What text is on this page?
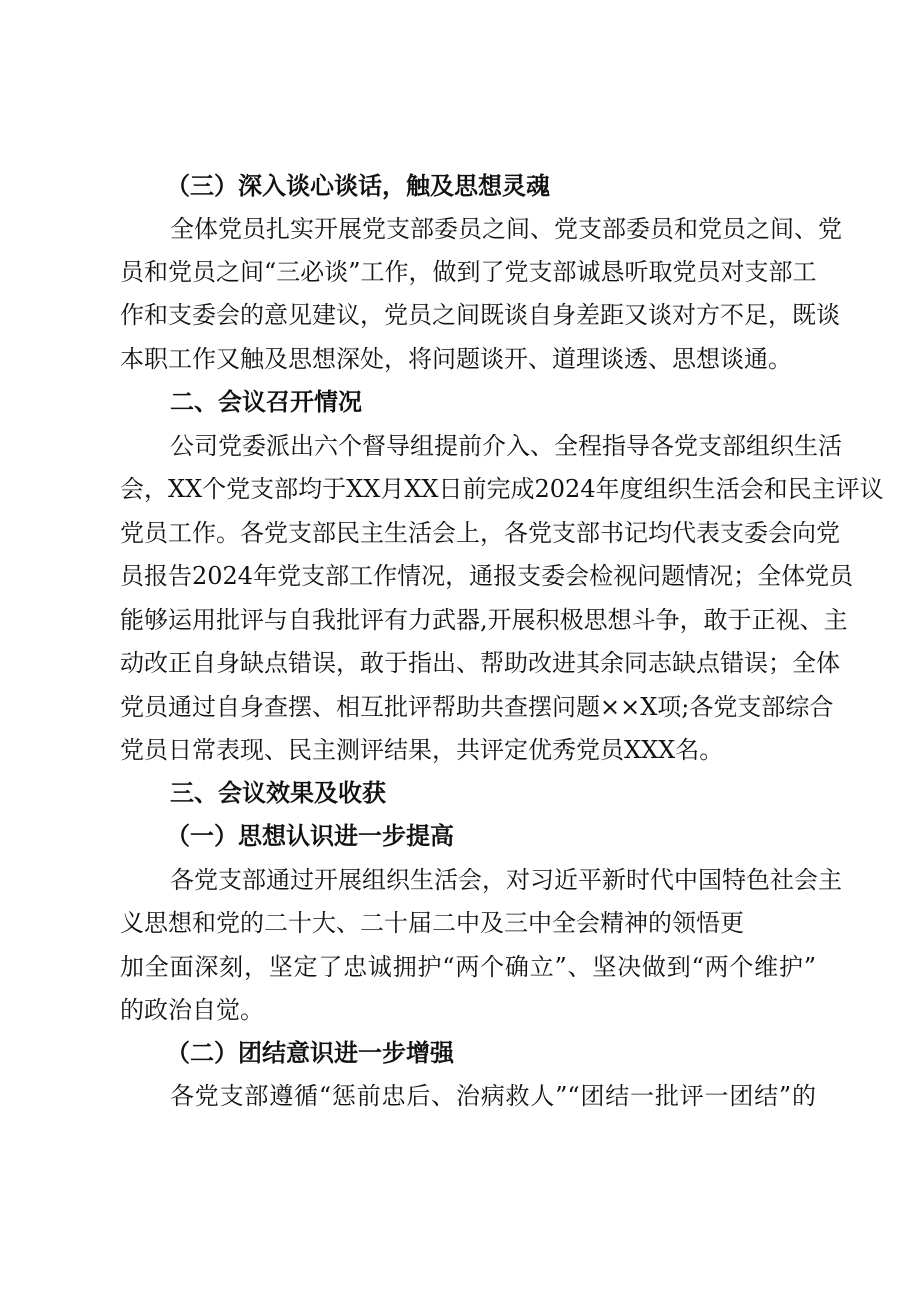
（三）深入谈心谈话，触及思想灵魂
全体党员扎实开展党支部委员之间、党支部委员和党员之间、党
员和党员之间“三必谈”工作，做到了党支部诚恳听取党员对支部工
作和支委会的意见建议，党员之间既谈自身差距又谈对方不足，既谈
本职工作又触及思想深处，将问题谈开、道理谈透、思想谈通。
二、会议召开情况
公司党委派出六个督导组提前介入、全程指导各党支部组织生活
会，XX个党支部均于XX月XX日前完成2024年度组织生活会和民主评议
党员工作。各党支部民主生活会上，各党支部书记均代表支委会向党
员报告2024年党支部工作情况，通报支委会检视问题情况；全体党员
能够运用批评与自我批评有力武器,开展积极思想斗争，敢于正视、主
动改正自身缺点错误，敢于指出、帮助改进其余同志缺点错误；全体
党员通过自身查摆、相互批评帮助共查摆问题××X项;各党支部综合
党员日常表现、民主测评结果，共评定优秀党员XXX名。
三、会议效果及收获
（一）思想认识进一步提高
各党支部通过开展组织生活会，对习近平新时代中国特色社会主
义思想和党的二十大、二十届二中及三中全会精神的领悟更
加全面深刻，坚定了忠诚拥护“两个确立”、坚决做到“两个维护”
的政治自觉。
（二）团结意识进一步增强
各党支部遵循“惩前忠后、治病救人”“团结一批评一团结”的
